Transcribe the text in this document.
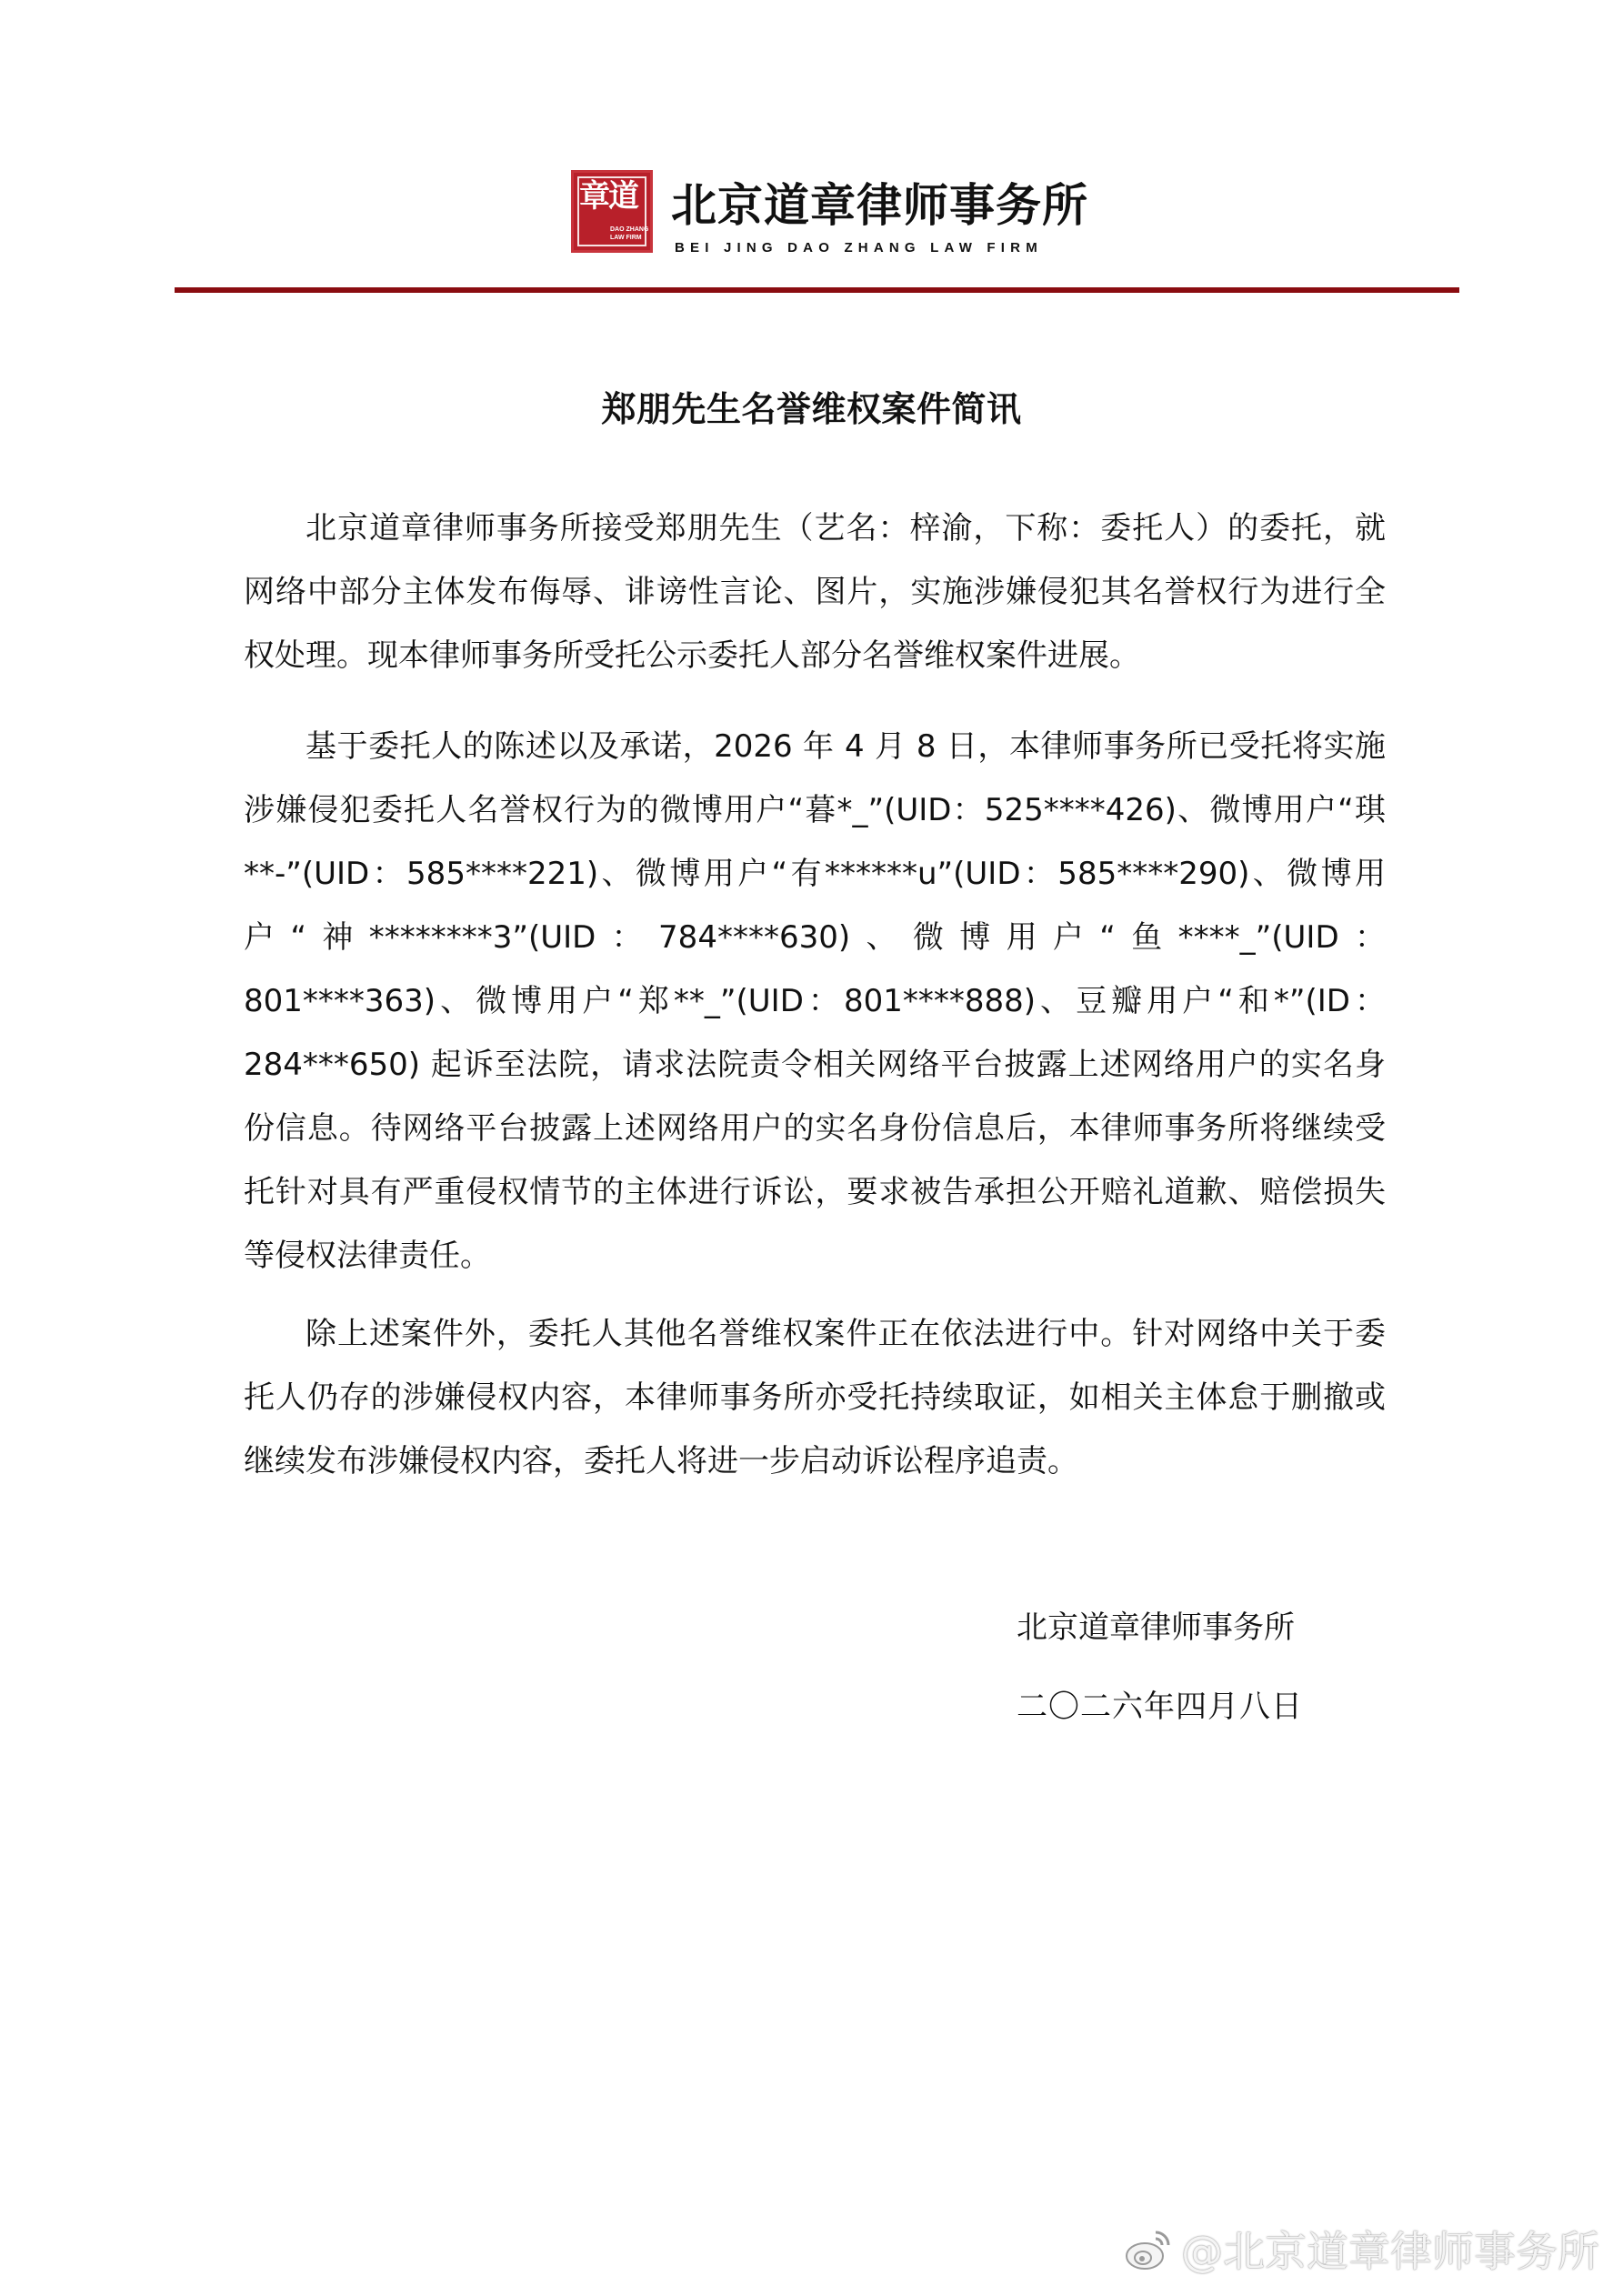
章道
DAO ZHANG
LAW FIRM
北京道章律师事务所
BEI JING DAO ZHANG LAW FIRM
郑朋先生名誉维权案件简讯

北京道章律师事务所接受郑朋先生（艺名：梓渝，下称：委托人）的委托，就网络中部分主体发布侮辱、诽谤性言论、图片，实施涉嫌侵犯其名誉权行为进行全权处理。现本律师事务所受托公示委托人部分名誉维权案件进展。

基于委托人的陈述以及承诺，2026 年 4 月 8 日，本律师事务所已受托将实施涉嫌侵犯委托人名誉权行为的微博用户“暮*_”(UID：525****426)、微博用户“琪**-”(UID：585****221)、微博用户“有******u”(UID：585****290)、微博用户“神********3”(UID：784****630)、微博用户“鱼****_”(UID：801****363)、微博用户“郑**_”(UID：801****888)、豆瓣用户“和*”(ID：284***650) 起诉至法院，请求法院责令相关网络平台披露上述网络用户的实名身份信息。待网络平台披露上述网络用户的实名身份信息后，本律师事务所将继续受托针对具有严重侵权情节的主体进行诉讼，要求被告承担公开赔礼道歉、赔偿损失等侵权法律责任。

除上述案件外，委托人其他名誉维权案件正在依法进行中。针对网络中关于委托人仍存的涉嫌侵权内容，本律师事务所亦受托持续取证，如相关主体怠于删撤或继续发布涉嫌侵权内容，委托人将进一步启动诉讼程序追责。

北京道章律师事务所
二〇二六年四月八日
@北京道章律师事务所
